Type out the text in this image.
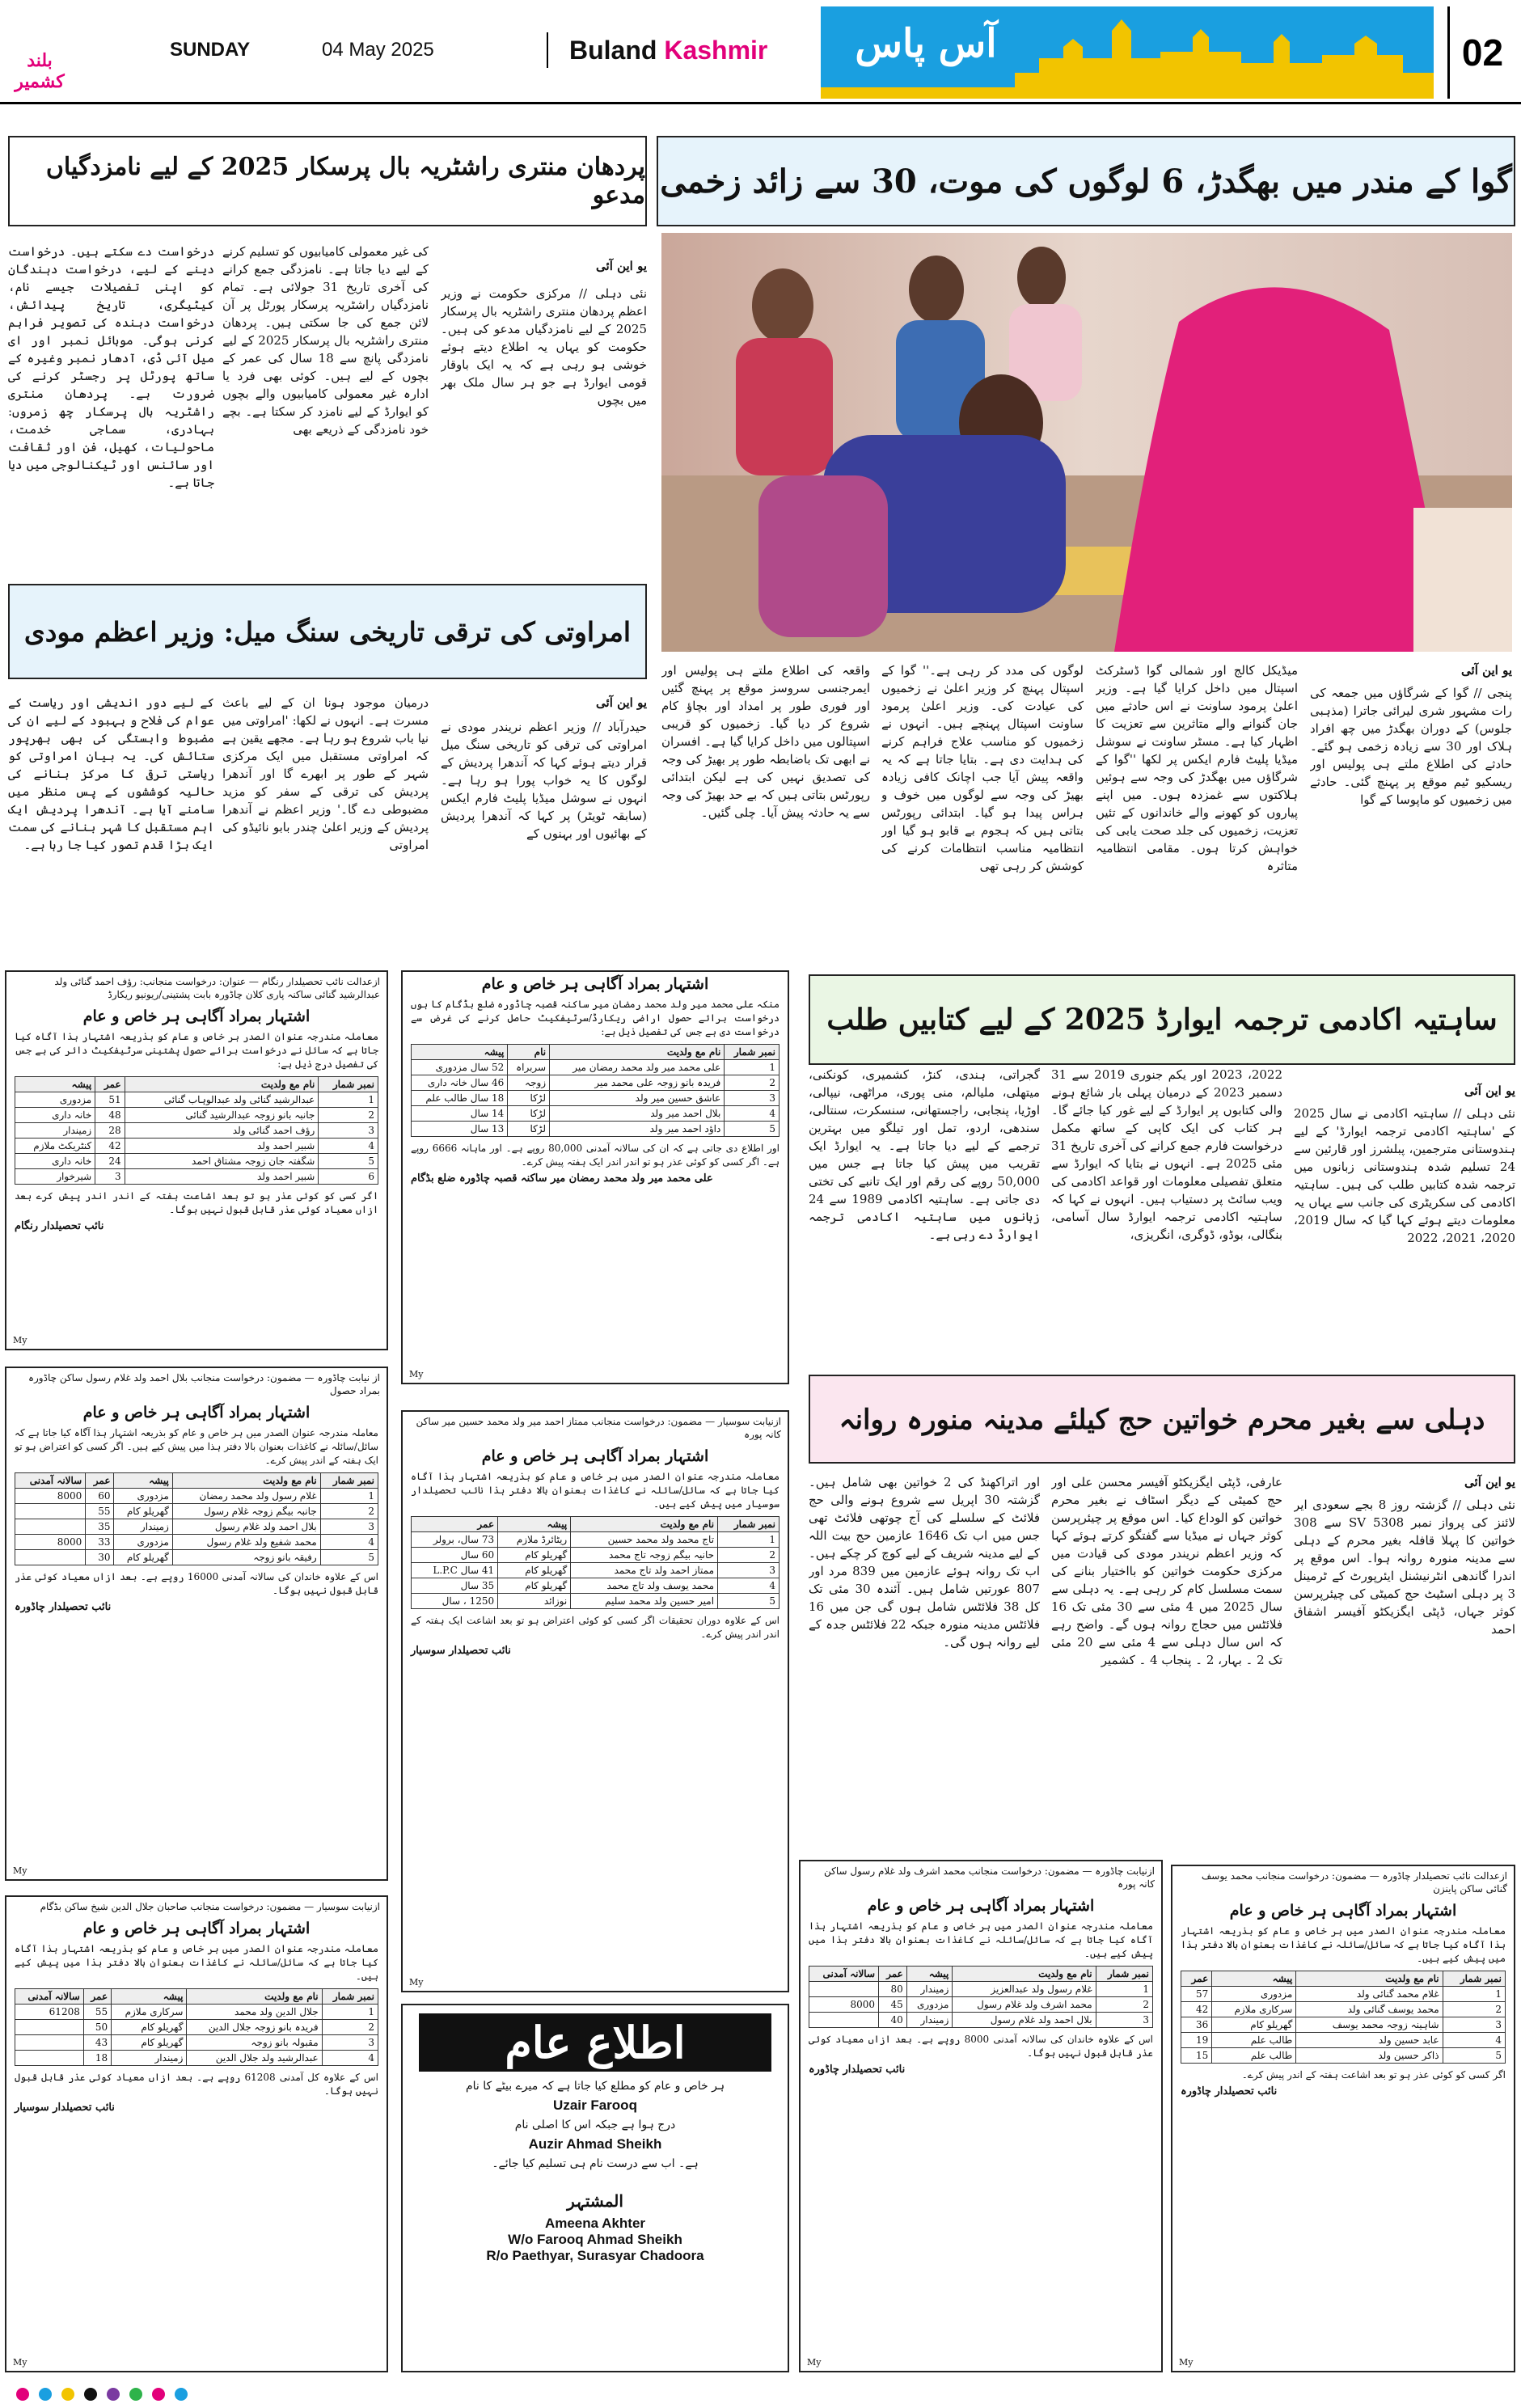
بلند کشمیر
SUNDAY	04 May 2025	Buland Kashmir	آس پاس	02
پردھان منتری راشٹریہ بال پرسکار 2025 کے لیے نامزدگیاں مدعو
یو این آئی
نئی دہلی // مرکزی حکومت نے وزیر اعظم پردھان منتری راشٹریہ بال پرسکار 2025 کے لیے نامزدگیاں مدعو کی ہیں۔ حکومت کو یہاں یہ اطلاع دیتے ہوئے خوشی ہو رہی ہے کہ یہ ایک باوقار قومی ایوارڈ ہے جو ہر سال ملک بھر میں بچوں
کی غیر معمولی کامیابیوں کو تسلیم کرنے کے لیے دیا جاتا ہے۔ نامزدگی جمع کرانے کی آخری تاریخ 31 جولائی ہے۔ تمام نامزدگیاں راشٹریہ پرسکار پورٹل پر آن لائن جمع کی جا سکتی ہیں۔ پردھان منتری راشٹریہ بال پرسکار 2025 کے لیے نامزدگی پانچ سے 18 سال کی عمر کے بچوں کے لیے ہیں۔ کوئی بھی فرد یا ادارہ غیر معمولی کامیابیوں والے بچوں کو ایوارڈ کے لیے نامزد کر سکتا ہے۔ بچے خود نامزدگی کے ذریعے بھی
درخواست دے سکتے ہیں۔ درخواست دینے کے لیے، درخواست دہندگان کو اپنی تفصیلات جیسے نام، کیٹیگری، تاریخ پیدائش، درخواست دہندہ کی تصویر فراہم کرنی ہوگی۔ موبائل نمبر اور ای میل آئی ڈی، آدھار نمبر وغیرہ کے ساتھ پورٹل پر رجسٹر کرنے کی ضرورت ہے۔ پردھان منتری راشٹریہ بال پرسکار چھ زمروں: بہادری، سماجی خدمت، ماحولیات، کھیل، فن اور ثقافت اور سائنس اور ٹیکنالوجی میں دیا جاتا ہے۔
امراوتی کی ترقی تاریخی سنگ میل: وزیر اعظم مودی
یو این آئی
حیدرآباد // وزیر اعظم نریندر مودی نے امراوتی کی ترقی کو تاریخی سنگ میل قرار دیتے ہوئے کہا کہ آندھرا پردیش کے لوگوں کا یہ خواب پورا ہو رہا ہے۔ انہوں نے سوشل میڈیا پلیٹ فارم ایکس (سابقہ ٹویٹر) پر کہا کہ آندھرا پردیش کے بھائیوں اور بہنوں کے
درمیان موجود ہونا ان کے لیے باعث مسرت ہے۔ انہوں نے لکھا: 'امراوتی میں نیا باب شروع ہو رہا ہے۔ مجھے یقین ہے کہ امراوتی مستقبل میں ایک مرکزی شہر کے طور پر ابھرے گا اور آندھرا پردیش کی ترقی کے سفر کو مزید مضبوطی دے گا۔' وزیر اعظم نے آندھرا پردیش کے وزیر اعلیٰ چندر بابو نائیڈو کی امراوتی
کے لیے دور اندیشی اور ریاست کے عوام کی فلاح و بہبود کے لیے ان کی مضبوط وابستگی کی بھی بھرپور ستائش کی۔ یہ بیان امراوتی کو ریاستی ترقی کا مرکز بنانے کی حالیہ کوششوں کے پس منظر میں سامنے آیا ہے۔ آندھرا پردیش ایک اہم مستقبل کا شہر بنانے کی سمت ایک بڑا قدم تصور کیا جا رہا ہے۔
گوا کے مندر میں بھگدڑ، 6 لوگوں کی موت، 30 سے زائد زخمی
یو این آئی
پنجی // گوا کے شرگاؤں میں جمعہ کی رات مشہور شری لیرائی جاترا (مذہبی جلوس) کے دوران بھگدڑ میں چھ افراد ہلاک اور 30 سے زیادہ زخمی ہو گئے۔ حادثے کی اطلاع ملتے ہی پولیس اور ریسکیو ٹیم موقع پر پہنچ گئی۔ حادثے میں زخمیوں کو ماپوسا کے گوا
میڈیکل کالج اور شمالی گوا ڈسٹرکٹ اسپتال میں داخل کرایا گیا ہے۔ وزیر اعلیٰ پرمود ساونت نے اس حادثے میں جان گنوانے والے متاثرین سے تعزیت کا اظہار کیا ہے۔ مسٹر ساونت نے سوشل میڈیا پلیٹ فارم ایکس پر لکھا ''گوا کے شرگاؤں میں بھگدڑ کی وجہ سے ہوئیں ہلاکتوں سے غمزدہ ہوں۔ میں اپنے پیاروں کو کھونے والے خاندانوں کے تئیں تعزیت، زخمیوں کی جلد صحت یابی کی خواہش کرتا ہوں۔ مقامی انتظامیہ متاثرہ
لوگوں کی مدد کر رہی ہے۔'' گوا کے اسپتال پہنچ کر وزیر اعلیٰ نے زخمیوں کی عیادت کی۔ وزیر اعلیٰ پرمود ساونت اسپتال پہنچے ہیں۔ انہوں نے زخمیوں کو مناسب علاج فراہم کرنے کی ہدایت دی ہے۔ بتایا جاتا ہے کہ یہ واقعہ پیش آیا جب اچانک کافی زیادہ بھیڑ کی وجہ سے لوگوں میں خوف و ہراس پیدا ہو گیا۔ ابتدائی رپورٹس بتاتی ہیں کہ ہجوم بے قابو ہو گیا اور انتظامیہ مناسب انتظامات کرنے کی کوشش کر رہی تھی
واقعہ کی اطلاع ملتے ہی پولیس اور ایمرجنسی سروسز موقع پر پہنچ گئیں اور فوری طور پر امداد اور بچاؤ کام شروع کر دیا گیا۔ زخمیوں کو قریبی اسپتالوں میں داخل کرایا گیا ہے۔ افسران نے ابھی تک باضابطہ طور پر بھیڑ کی وجہ کی تصدیق نہیں کی ہے لیکن ابتدائی رپورٹس بتاتی ہیں کہ بے حد بھیڑ کی وجہ سے یہ حادثہ پیش آیا۔ چلی گئیں۔
ساہتیہ اکادمی ترجمہ ایوارڈ 2025 کے لیے کتابیں طلب
یو این آئی
نئی دہلی // ساہتیہ اکادمی نے سال 2025 کے 'ساہتیہ اکادمی ترجمہ ایوارڈ' کے لیے ہندوستانی مترجمین، پبلشرز اور قارئین سے 24 تسلیم شدہ ہندوستانی زبانوں میں ترجمہ شدہ کتابیں طلب کی ہیں۔ ساہتیہ اکادمی کی سکریٹری کی جانب سے یہاں یہ معلومات دیتے ہوئے کہا گیا کہ سال 2019، 2020، 2021، 2022
2022، 2023 اور یکم جنوری 2019 سے 31 دسمبر 2023 کے درمیان پہلی بار شائع ہونے والی کتابوں پر ایوارڈ کے لیے غور کیا جائے گا۔ ہر کتاب کی ایک کاپی کے ساتھ مکمل درخواست فارم جمع کرانے کی آخری تاریخ 31 مئی 2025 ہے۔ انہوں نے بتایا کہ ایوارڈ سے متعلق تفصیلی معلومات اور قواعد اکادمی کی ویب سائٹ پر دستیاب ہیں۔ انہوں نے کہا کہ ساہتیہ اکادمی ترجمہ ایوارڈ سال آسامی، بنگالی، بوڈو، ڈوگری، انگریزی،
گجراتی، ہندی، کنڑ، کشمیری، کونکنی، میتھلی، ملیالم، منی پوری، مراٹھی، نیپالی، اوڑیا، پنجابی، راجستھانی، سنسکرت، سنتالی، سندھی، اردو، تمل اور تیلگو میں بہترین ترجمے کے لیے دیا جاتا ہے۔ یہ ایوارڈ ایک تقریب میں پیش کیا جاتا ہے جس میں 50,000 روپے کی رقم اور ایک تانبے کی تختی دی جاتی ہے۔ ساہتیہ اکادمی 1989 سے 24 زبانوں میں ساہتیہ اکادمی ترجمہ ایوارڈ دے رہی ہے۔
دہلی سے بغیر محرم خواتین حج کیلئے مدینہ منورہ روانہ
یو این آئی
نئی دہلی // گزشتہ روز 8 بجے سعودی ایر لائنز کی پرواز نمبر SV 5308 سے 308 خواتین کا پہلا قافلہ بغیر محرم کے دہلی سے مدینہ منورہ روانہ ہوا۔ اس موقع پر اندرا گاندھی انٹرنیشنل ایئرپورٹ کے ٹرمینل 3 پر دہلی اسٹیٹ حج کمیٹی کی چیئرپرسن کوثر جہاں، ڈپٹی ایگزیکٹو آفیسر اشفاق احمد
عارفی، ڈپٹی ایگزیکٹو آفیسر محسن علی اور حج کمیٹی کے دیگر اسٹاف نے بغیر محرم خواتین کو الوداع کیا۔ اس موقع پر چیئرپرسن کوثر جہاں نے میڈیا سے گفتگو کرتے ہوئے کہا کہ وزیر اعظم نریندر مودی کی قیادت میں مرکزی حکومت خواتین کو بااختیار بنانے کی سمت مسلسل کام کر رہی ہے۔ یہ دہلی سے سال 2025 میں 4 مئی سے 30 مئی تک 16 فلائٹس میں حجاج روانہ ہوں گے۔ واضح رہے کہ اس سال دہلی سے 4 مئی سے 20 مئی تک 2 ۔ بہار، 2 ۔ پنجاب 4 ۔ کشمیر
اور اتراکھنڈ کی 2 خواتین بھی شامل ہیں۔ گزشتہ 30 اپریل سے شروع ہونے والی حج فلائٹ کے سلسلے کی آج چوتھی فلائٹ تھی جس میں اب تک 1646 عازمین حج بیت اللہ کے لیے مدینہ شریف کے لیے کوچ کر چکے ہیں۔ اب تک روانہ ہوئے عازمین میں 839 مرد اور 807 عورتیں شامل ہیں۔ آئندہ 30 مئی تک کل 38 فلائٹس شامل ہوں گی جن میں 16 فلائٹس مدینہ منورہ جبکہ 22 فلائٹس جدہ کے لیے روانہ ہوں گی۔
ازعدالت نائب تحصیلدار رنگام — عنوان: درخواست منجانب: رؤف احمد گنائی ولد عبدالرشید گنائی ساکنہ پاری کلان چاڈورہ بابت پشتینی/ریونیو ریکارڈ
اشتہار بمراد آگاہی ہر خاص و عام
معاملہ مندرجہ عنوان الصدر ہر خاص و عام کو بذریعہ اشتہار ہذا آگاہ کیا جاتا ہے کہ سائل نے درخواست برائے حصول پشتینی سرٹیفکیٹ دائر کی ہے جس کی تفصیل درج ذیل ہے:
نمبر شمار	نام مع ولدیت	عمر	پیشہ
1	عبدالرشید گنائی ولد عبدالوہاب گنائی	51	مزدوری
2	جانبہ بانو زوجہ عبدالرشید گنائی	48	خانہ داری
3	رؤف احمد گنائی ولد	28	زمیندار
4	شبیر احمد ولد	42	کنٹریکٹ ملازم
5	شگفتہ جان زوجہ مشتاق احمد	24	خانہ داری
6	شبیر احمد ولد	3	شیرخوار
اگر کسی کو کوئی عذر ہو تو بعد اشاعت ہفتہ کے اندر اندر پیش کرے بعد ازاں معیاد کوئی عذر قابل قبول نہیں ہوگا۔
نائب تحصیلدار رنگام
My
اشتہار بمراد آگاہی ہر خاص و عام
منکہ علی محمد میر ولد محمد رمضان میر ساکنہ قصبہ چاڈورہ ضلع بڈگام کا ہوں درخواست برائے حصول اراضی ریکارڈ/سرٹیفکیٹ حاصل کرنے کی غرض سے درخواست دی ہے جس کی تفصیل ذیل ہے:
نمبر شمار	نام مع ولدیت	نام	پیشہ
1	علی محمد میر ولد محمد رمضان میر	سربراہ	52 سال مزدوری
2	فریدہ بانو زوجہ علی محمد میر	زوجہ	46 سال خانہ داری
3	عاشق حسین میر ولد	لڑکا	18 سال طالب علم
4	بلال احمد میر ولد	لڑکا	14 سال
5	داؤد احمد میر ولد	لڑکا	13 سال
اور اطلاع دی جاتی ہے کہ ان کی سالانہ آمدنی 80,000 روپے ہے۔ اور ماہانہ 6666 روپے ہے۔ اگر کسی کو کوئی عذر ہو تو اندر اندر ایک ہفتہ پیش کرے۔
علی محمد میر ولد محمد رمضان میر ساکنہ قصبہ چاڈورہ ضلع بڈگام
My
از نیابت چاڈورہ — مضمون: درخواست منجانب بلال احمد ولد غلام رسول ساکن چاڈورہ بمراد حصول
اشتہار بمراد آگاہی ہر خاص و عام
معاملہ مندرجہ عنوان الصدر میں ہر خاص و عام کو بذریعہ اشتہار ہذا آگاہ کیا جاتا ہے کہ سائل/سائلہ نے کاغذات بعنوان بالا دفتر ہذا میں پیش کیے ہیں۔ اگر کسی کو اعتراض ہو تو ایک ہفتہ کے اندر پیش کرے۔
نمبر شمار	نام مع ولدیت	پیشہ	عمر	سالانہ آمدنی
1	غلام رسول ولد محمد رمضان	مزدوری	60	8000
2	جانبہ بیگم زوجہ غلام رسول	گھریلو کام	55	
3	بلال احمد ولد غلام رسول	زمیندار	35	
4	محمد شفیع ولد غلام رسول	مزدوری	33	8000
5	رفیقہ بانو زوجہ	گھریلو کام	30	
اس کے علاوہ خاندان کی سالانہ آمدنی 16000 روپے ہے۔ بعد ازاں معیاد کوئی عذر قابل قبول نہیں ہوگا۔
نائب تحصیلدار چاڈورہ
My
ازنیابت سوسیار — مضمون: درخواست منجانب ممتاز احمد میر ولد محمد حسین میر ساکن کانہ پورہ
اشتہار بمراد آگاہی ہر خاص و عام
معاملہ مندرجہ عنوان الصدر میں ہر خاص و عام کو بذریعہ اشتہار ہذا آگاہ کیا جاتا ہے کہ سائل/سائلہ نے کاغذات بعنوان بالا دفتر ہذا نائب تحصیلدار سوسیار میں پیش کیے ہیں۔
نمبر شمار	نام مع ولدیت	پیشہ	عمر
1	تاج محمد ولد محمد حسین	ریٹائرڈ ملازم	73 سال، برولر
2	حانیہ بیگم زوجہ تاج محمد	گھریلو کام	60 سال
3	ممتاز احمد ولد تاج محمد	گھریلو کام	41 سال L.P.C
4	محمد یوسف ولد تاج محمد	گھریلو کام	35 سال
5	امیر حسین ولد محمد سلیم	نوزائد	1250 ، سال
اس کے علاوہ دوران تحقیقات اگر کسی کو کوئی اعتراض ہو تو بعد اشاعت ایک ہفتہ کے اندر اندر پیش کرے۔
نائب تحصیلدار سوسیار
My
ازنیابت سوسیار — مضمون: درخواست منجانب صاحبان جلال الدین شیخ ساکن بڈگام
اشتہار بمراد آگاہی ہر خاص و عام
معاملہ مندرجہ عنوان الصدر میں ہر خاص و عام کو بذریعہ اشتہار ہذا آگاہ کیا جاتا ہے کہ سائل/سائلہ نے کاغذات بعنوان بالا دفتر ہذا میں پیش کیے ہیں۔
نمبر شمار	نام مع ولدیت	پیشہ	عمر	سالانہ آمدنی
1	جلال الدین ولد محمد	سرکاری ملازم	55	61208
2	فریدہ بانو زوجہ جلال الدین	گھریلو کام	50	
3	مقبولہ بانو زوجہ	گھریلو کام	43	
4	عبدالرشید ولد جلال الدین	زمیندار	18	
اس کے علاوہ کل آمدنی 61208 روپے ہے۔ بعد ازاں معیاد کوئی عذر قابل قبول نہیں ہوگا۔
نائب تحصیلدار سوسیار
My
اطلاع عام
ہر خاص و عام کو مطلع کیا جاتا ہے کہ میرے بیٹے کا نام
Uzair Farooq
درج ہوا ہے جبکہ اس کا اصلی نام
Auzir Ahmad Sheikh
ہے۔ اب سے درست نام ہی تسلیم کیا جائے۔
المشتہر
Ameena Akhter
W/o Farooq Ahmad Sheikh
R/o Paethyar, Surasyar Chadoora
ازنیابت چاڈورہ — مضمون: درخواست منجانب محمد اشرف ولد غلام رسول ساکن کانہ پورہ
اشتہار بمراد آگاہی ہر خاص و عام
معاملہ مندرجہ عنوان الصدر میں ہر خاص و عام کو بذریعہ اشتہار ہذا آگاہ کیا جاتا ہے کہ سائل/سائلہ نے کاغذات بعنوان بالا دفتر ہذا میں پیش کیے ہیں۔
نمبر شمار	نام مع ولدیت	پیشہ	عمر	سالانہ آمدنی
1	غلام رسول ولد عبدالعزیز	زمیندار	80	
2	محمد اشرف ولد غلام رسول	مزدوری	45	8000
3	بلال احمد ولد غلام رسول	زمیندار	40	
اس کے علاوہ خاندان کی سالانہ آمدنی 8000 روپے ہے۔ بعد ازاں معیاد کوئی عذر قابل قبول نہیں ہوگا۔
نائب تحصیلدار چاڈورہ
My
ازعدالت نائب تحصیلدار چاڈورہ — مضمون: درخواست منجانب محمد یوسف گنائی ساکن پاینزن
اشتہار بمراد آگاہی ہر خاص و عام
معاملہ مندرجہ عنوان الصدر میں ہر خاص و عام کو بذریعہ اشتہار ہذا آگاہ کیا جاتا ہے کہ سائل/سائلہ نے کاغذات بعنوان بالا دفتر ہذا میں پیش کیے ہیں۔
نمبر شمار	نام مع ولدیت	پیشہ	عمر
1	غلام محمد گنائی ولد	مزدوری	57
2	محمد یوسف گنائی ولد	سرکاری ملازم	42
3	شاہینہ زوجہ محمد یوسف	گھریلو کام	36
4	عابد حسین ولد	طالب علم	19
5	ذاکر حسین ولد	طالب علم	15
اگر کسی کو کوئی عذر ہو تو بعد اشاعت ہفتہ کے اندر پیش کرے۔
نائب تحصیلدار چاڈورہ
My
